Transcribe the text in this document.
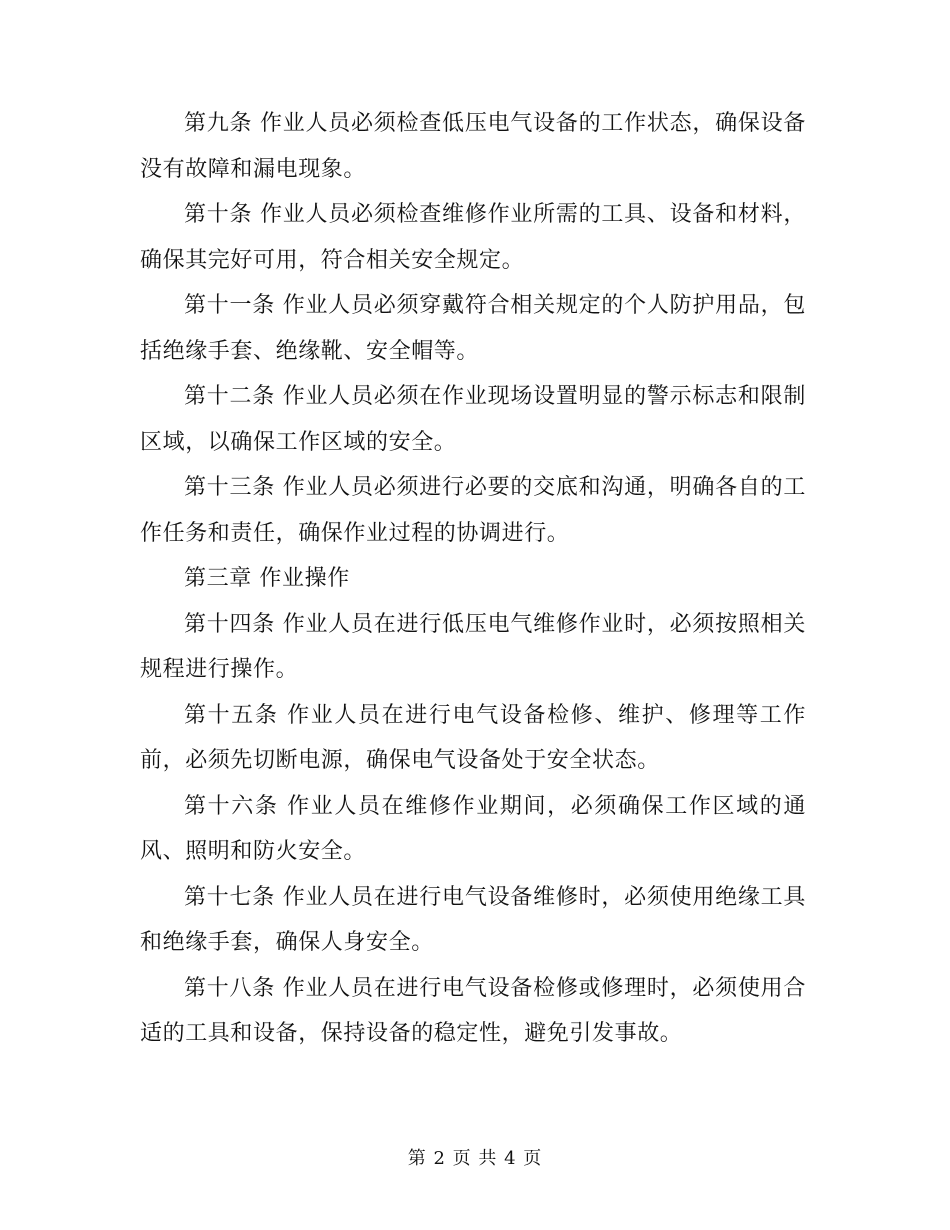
第九条 作业人员必须检查低压电气设备的工作状态，确保设备没有故障和漏电现象。

第十条 作业人员必须检查维修作业所需的工具、设备和材料，确保其完好可用，符合相关安全规定。

第十一条 作业人员必须穿戴符合相关规定的个人防护用品，包括绝缘手套、绝缘靴、安全帽等。

第十二条 作业人员必须在作业现场设置明显的警示标志和限制区域，以确保工作区域的安全。

第十三条 作业人员必须进行必要的交底和沟通，明确各自的工作任务和责任，确保作业过程的协调进行。

第三章 作业操作

第十四条 作业人员在进行低压电气维修作业时，必须按照相关规程进行操作。

第十五条 作业人员在进行电气设备检修、维护、修理等工作前，必须先切断电源，确保电气设备处于安全状态。

第十六条 作业人员在维修作业期间，必须确保工作区域的通风、照明和防火安全。

第十七条 作业人员在进行电气设备维修时，必须使用绝缘工具和绝缘手套，确保人身安全。

第十八条 作业人员在进行电气设备检修或修理时，必须使用合适的工具和设备，保持设备的稳定性，避免引发事故。

第 2 页 共 4 页
